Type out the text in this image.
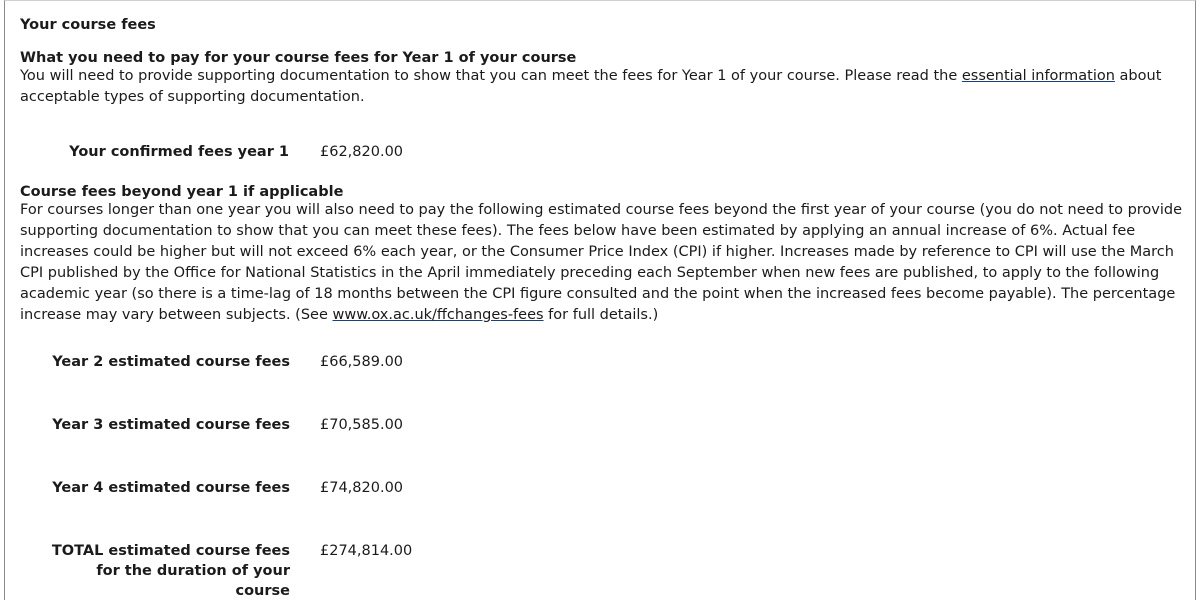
Your course fees
What you need to pay for your course fees for Year 1 of your course

You will need to provide supporting documentation to show that you can meet the fees for Year 1 of your course. Please read the essential information about acceptable types of supporting documentation.

Your confirmed fees year 1 £62,820.00
Course fees beyond year 1 if applicable

For courses longer than one year you will also need to pay the following estimated course fees beyond the first year of your course (you do not need to provide supporting documentation to show that you can meet these fees). The fees below have been estimated by applying an annual increase of 6%. Actual fee increases could be higher but will not exceed 6% each year, or the Consumer Price Index (CPI) if higher. Increases made by reference to CPI will use the March CPI published by the Office for National Statistics in the April immediately preceding each September when new fees are published, to apply to the following academic year (so there is a time-lag of 18 months between the CPI figure consulted and the point when the increased fees become payable). The percentage increase may vary between subjects. (See www.ox.ac.uk/ffchanges-fees for full details.)

Year 2 estimated course fees £66,589.00
Year 3 estimated course fees £70,585.00
Year 4 estimated course fees £74,820.00
TOTAL estimated course fees for the duration of your course
£274,814.00
